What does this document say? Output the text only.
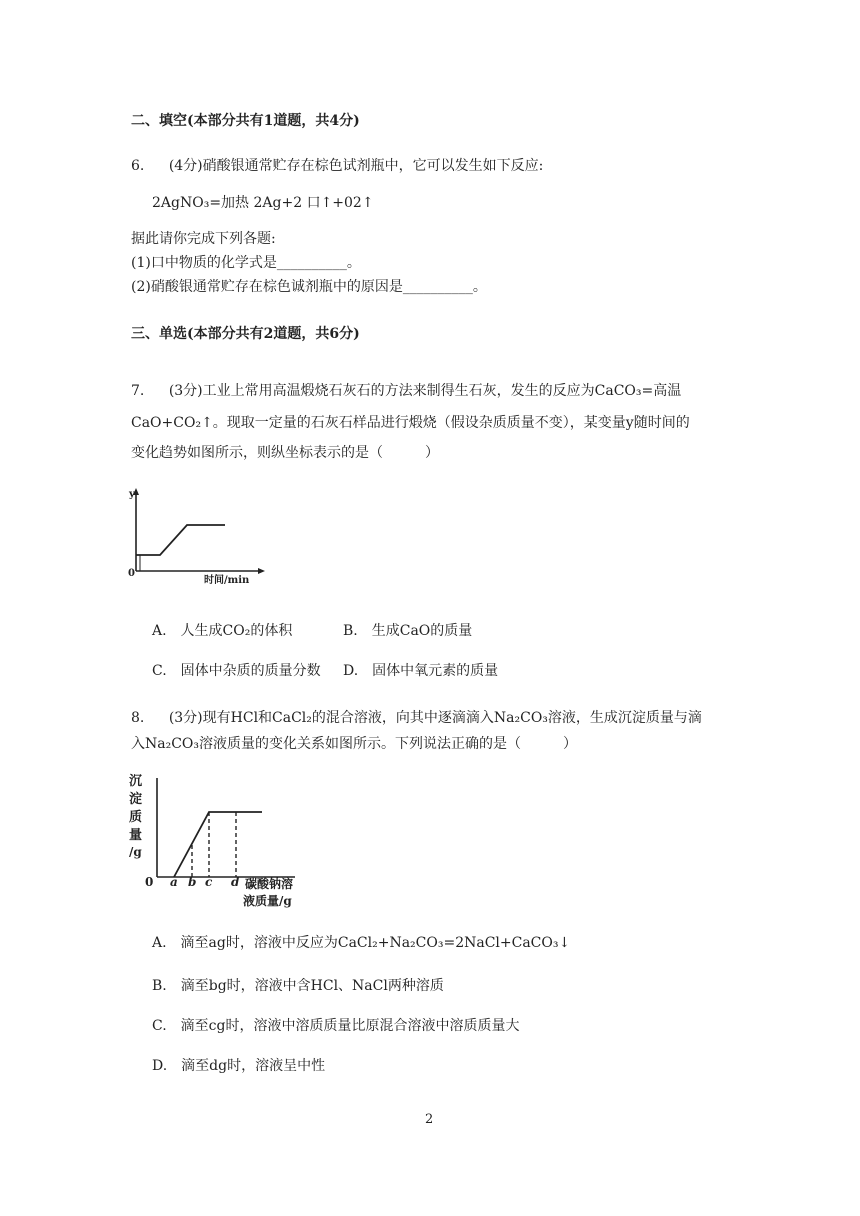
二、填空(本部分共有1道题，共4分)
6. (4分)硝酸银通常贮存在棕色试剂瓶中，它可以发生如下反应:
2AgNO₃=加热 2Ag+2 口↑+02↑
据此请你完成下列各题:
(1)口中物质的化学式是__________。
(2)硝酸银通常贮存在棕色诚剂瓶中的原因是__________。
三、单选(本部分共有2道题，共6分)
7. (3分)工业上常用高温煅烧石灰石的方法来制得生石灰，发生的反应为CaCO₃=高温
CaO+CO₂↑。现取一定量的石灰石样品进行煅烧（假设杂质质量不变），某变量y随时间的
变化趋势如图所示，则纵坐标表示的是（　　　）
y
0
时间/min
A.　人生成CO₂的体积	B.　生成CaO的质量
C.　固体中杂质的质量分数 D.　固体中氧元素的质量
8. (3分)现有HCl和CaCl₂的混合溶液，向其中逐滴滴入Na₂CO₃溶液，生成沉淀质量与滴
入Na₂CO₃溶液质量的变化关系如图所示。下列说法正确的是（　　　）
沉
淀
质
量
/g
0 a b c d 碳酸钠溶
液质量/g
A.　滴至ag时，溶液中反应为CaCl₂+Na₂CO₃=2NaCl+CaCO₃↓
B.　滴至bg时，溶液中含HCl、NaCl两种溶质
C.　滴至cg时，溶液中溶质质量比原混合溶液中溶质质量大
D.　滴至dg时，溶液呈中性
2
